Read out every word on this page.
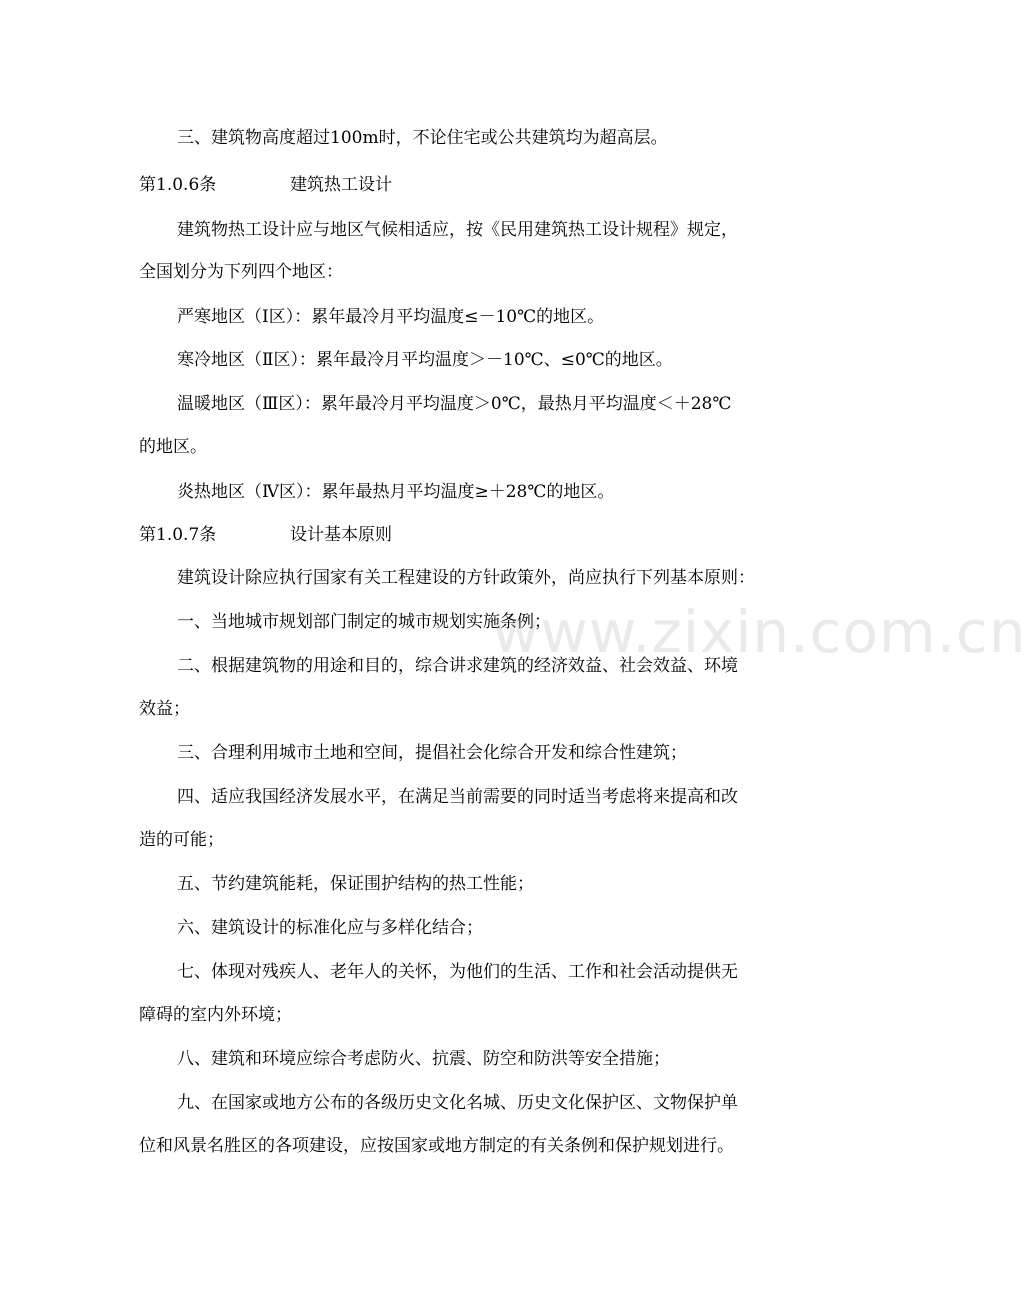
三、建筑物高度超过100m时，不论住宅或公共建筑均为超高层。
第1.0.6条	建筑热工设计
建筑物热工设计应与地区气候相适应，按《民用建筑热工设计规程》规定，
全国划分为下列四个地区：
严寒地区（Ⅰ区）：累年最冷月平均温度≤－10℃的地区。
寒冷地区（Ⅱ区）：累年最冷月平均温度＞－10℃、≤0℃的地区。
温暖地区（Ⅲ区）：累年最冷月平均温度＞0℃，最热月平均温度＜＋28℃
的地区。
炎热地区（Ⅳ区）：累年最热月平均温度≥＋28℃的地区。
第1.0.7条	设计基本原则
建筑设计除应执行国家有关工程建设的方针政策外，尚应执行下列基本原则：
一、当地城市规划部门制定的城市规划实施条例；
二、根据建筑物的用途和目的，综合讲求建筑的经济效益、社会效益、环境
效益；
三、合理利用城市土地和空间，提倡社会化综合开发和综合性建筑；
四、适应我国经济发展水平，在满足当前需要的同时适当考虑将来提高和改
造的可能；
五、节约建筑能耗，保证围护结构的热工性能；
六、建筑设计的标准化应与多样化结合；
七、体现对残疾人、老年人的关怀，为他们的生活、工作和社会活动提供无
障碍的室内外环境；
八、建筑和环境应综合考虑防火、抗震、防空和防洪等安全措施；
九、在国家或地方公布的各级历史文化名城、历史文化保护区、文物保护单
位和风景名胜区的各项建设，应按国家或地方制定的有关条例和保护规划进行。
www.zixin.com.cn
